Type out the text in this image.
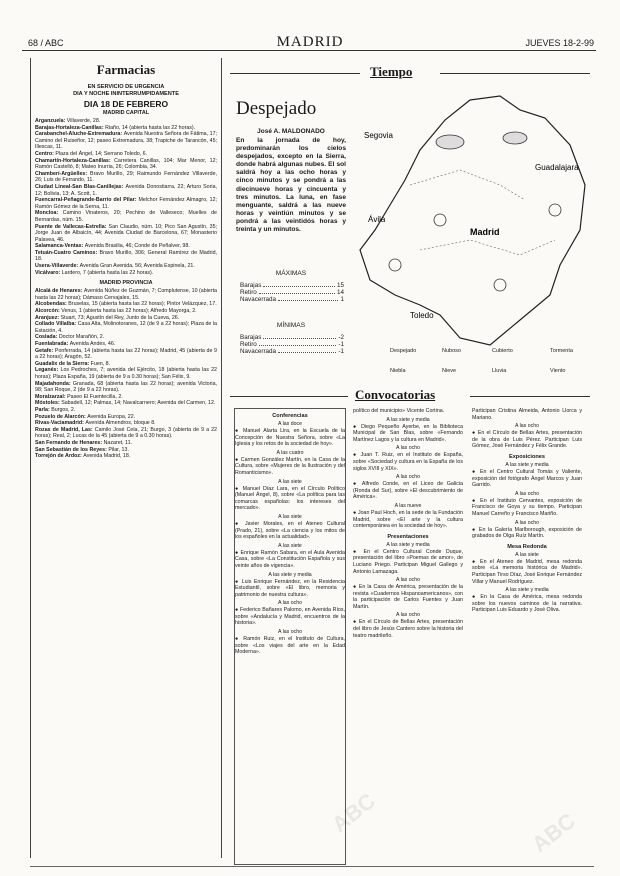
68 / ABC	MADRID	JUEVES 18-2-99
Farmacias
EN SERVICIO DE URGENCIA
DIA Y NOCHE ININTERRUMPIDAMENTE
DIA 18 DE FEBRERO
MADRID CAPITAL

Arganzuela: Villaverde, 28.

Barajas-Hortaleza-Canillas: Riaño, 14 (abierta hasta las 22 horas).

Carabanchel-Aluche-Extremadura: Avenida Nuestra Señora de Fátima, 17; Camino del Ruiseñor, 12; paseo Extremadura, 38; Trapiche de Tarancón, 45; Illescas, 11.

Centro: Plaza del Ángel, 14; Serrano Toledo, 6.

Chamartín-Hortaleza-Canillas: Carretera Canillas, 104; Mar Menor, 12; Ramón Castelló, 8; Mateo Inurria, 26; Colombia, 34.

Chamberí-Argüelles: Bravo Murillo, 29; Raimundo Fernández Villaverde, 26; Luis de Ferrando, 11.

Ciudad Lineal-San Blas-Canillejas: Avenida Donostiarra, 22; Arturo Soria, 12; Bolivia, 13; A. Scott, 1.

Fuencarral-Peñagrande-Barrio del Pilar: Melchor Fernández Almagro, 12; Ramón Gómez de la Serna, 11.

Moncloa: Camino Vinateros, 20; Pechino de Valleseco; Muelles de Bernardas, núm. 15.

Puente de Vallecas-Estrella: San Claudio, núm. 10; Pico San Agustín, 35; Jorge Juan de Albaicín, 44; Avenida Ciudad de Barcelona, 67; Monasterio Palavea, 46.

Salamanca-Ventas: Avenida Brasilia, 46; Conde de Peñalver, 98.

Tetuán-Cuatro Caminos: Bravo Murillo, 306; General Ramírez de Madrid, 18.

Usera-Villaverde: Avenida Gran Avenida, 56; Avenida Espinela, 21.

Vicálvaro: Lardero, 7 (abierta hasta las 22 horas).

MADRID PROVINCIA

Alcalá de Henares: Avenida Núñez de Guzmán, 7; Complutense, 10 (abierta hasta las 22 horas); Dámaso Cervajales, 15.

Alcobendas: Bruselas, 15 (abierta hasta las 22 horas); Pintor Velázquez, 17.

Alcorcón: Venus, 1 (abierta hasta las 22 horas); Alfredo Mayorga, 2.

Aranjuez: Stuart, 73; Agustín del Rey, Junto de la Cueva, 26.

Collado Villalba: Casa Alta, Molinotoranes, 12 (de 9 a 22 horas); Plaza de la Estación, 4.

Coslada: Doctor Marañón, 2.

Fuenlabrada: Avenida Andes, 46.

Getafe: Ponferrada, 14 (abierta hasta las 22 horas); Madrid, 45 (abierta de 9 a 22 horas); Aragón, 52.

Guadalix de la Sierra: Fuen, 8.

Leganés: Los Pedroches, 7; avenida del Ejército, 18 (abierta hasta las 22 horas); Plaza España, 19 (abierta de 9 a 0.30 horas); San Félix, 9.

Majadahonda: Granada, 68 (abierta hasta las 22 horas); avenida Victoria, 98; San Roque, 2 (de 9 a 22 horas).

Moralzarzal: Paseo El Fuentecilla, 2.

Móstoles: Sabadell, 12; Palmas, 14; Navalcarnero; Avenida del Carmen, 12.

Parla: Burgos, 2.

Pozuelo de Alarcón: Avenida Europa, 22.

Rivas-Vaciamadrid: Avenida Almendros, bloque 8.

Rozas de Madrid, Las: Camilo José Cela, 21; Burgo, 3 (abierta de 9 a 22 horas); Real, 2; Lucas de la 45 (abierta de 9 a 0.30 horas).

San Fernando de Henares: Nazaret, 11.

San Sebastián de los Reyes: Pilar, 13.

Torrejón de Ardoz: Avenida Madrid, 18.

Tiempo
Despejado
José A. MALDONADO

En la jornada de hoy, predominarán los cielos despejados, excepto en la Sierra, donde habrá algunas nubes. El sol saldrá hoy a las ocho horas y cinco minutos y se pondrá a las diecinueve horas y cincuenta y tres minutos. La luna, en fase menguante, saldrá a las nueve horas y veintiún minutos y se pondrá a las veintidós horas y treinta y un minutos.

MÁXIMAS
Barajas	15
Retiro	14
Navacerrada	1
MÍNIMAS
Barajas	-2
Retiro	-1
Navacerrada	-1
Segovia
Guadalajara
Ávila
Madrid
Toledo
Despejado	Nuboso	Cubierto	Tormenta
Niebla	Nieve	Lluvia	Viento
Convocatorias
Conferencias
A las doce

● Manuel Alarta Lira, en la Escuela de la Concepción de Nuestra Señora, sobre «La Iglesia y los retos de la sociedad de hoy».

A las cuatro

● Carmen González Martín, en la Casa de la Cultura, sobre «Mujeres de la Ilustración y del Romanticismo».

A las siete

● Manuel Díaz Lara, en el Círculo Político (Manuel Ángel, 8), sobre «La política para las comarcas españolas: los intereses del mercado».

A las siete

● Javier Morales, en el Ateneo Cultural (Prado, 21), sobre «La ciencia y los mitos de los españoles en la actualidad».

A las siete

● Enrique Ramón Sabara, en el Aula Avenida Casa, sobre «La Constitución Española y sus veinte años de vigencia».

A las siete y media

● Luis Enrique Fernández, en la Residencia Estudiantil, sobre «El libro, memoria y patrimonio de nuestra cultura».

A las ocho

● Federico Bañares Palomo, en Avenida Ríos, sobre «Andalucía y Madrid, encuentros de la historia».

A las ocho

● Ramón Ruiz, en el Instituto de Cultura, sobre «Los viajes del arte en la Edad Moderna».

político del municipio» Vicente Cortina.

A las siete y media

● Diego Pequeño Ayerbe, en la Biblioteca Municipal de San Blas, sobre «Fernando Martínez Lagos y la cultura en Madrid».

A las ocho

● Juan T. Ruiz, en el Instituto de España, sobre «Sociedad y cultura en la España de los siglos XVIII y XIX».

A las ocho

● Alfredo Conde, en el Liceo de Galicia (Ronda del Sur), sobre «El descubrimiento de América».

A las nueve

● Joan Paul Hoch, en la sede de la Fundación Madrid, sobre «El arte y la cultura contemporánea en la sociedad de hoy».

Presentaciones
A las siete y media

● En el Centro Cultural Conde Duque, presentación del libro «Poemas de amor», de Luciano Priego. Participan Miguel Gallego y Antonio Lamazaga.

A las ocho

● En la Casa de América, presentación de la revista «Cuadernos Hispanoamericanos», con la participación de Carlos Fuentes y Juan Martín.

A las ocho

● En el Círculo de Bellas Artes, presentación del libro de Jesús Cantero sobre la historia del teatro madrileño.

Participan Cristina Almeida, Antonio Llorca y Mariano.

A las ocho

● En el Círculo de Bellas Artes, presentación de la obra de Luis Pérez. Participan Luis Gómez, José Fernández y Félix Grande.

Exposiciones
A las siete y media

● En el Centro Cultural Tomás y Valiente, exposición del fotógrafo Ángel Marcos y Juan Garrido.

A las ocho

● En el Instituto Cervantes, exposición de Francisco de Goya y su tiempo. Participan Manuel Carreño y Francisco Mariño.

A las ocho

● En la Galería Marlborough, exposición de grabados de Olga Ruíz Martín.

Mesa Redonda
A las siete

● En el Ateneo de Madrid, mesa redonda sobre «La memoria histórica de Madrid». Participan Tirso Díaz, José Enrique Fernández Villar y Manuel Rodríguez.

A las siete y media

● En la Casa de América, mesa redonda sobre los nuevos caminos de la narrativa. Participan Luis Eduardo y José Oliva.

ABC	ABC
